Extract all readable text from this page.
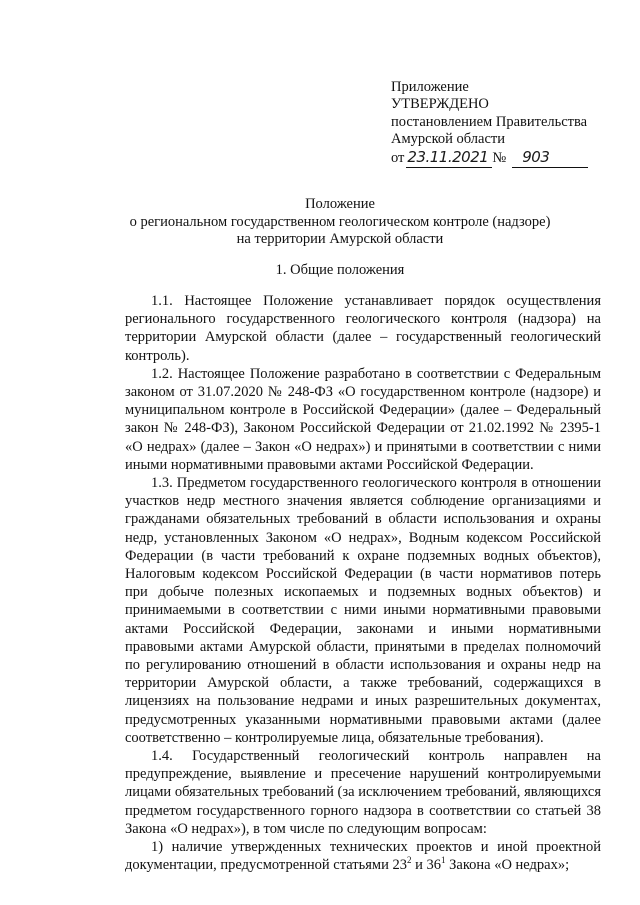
Приложение
УТВЕРЖДЕНО
постановлением Правительства
Амурской области
от 23.11.2021 №	903
Положение
о региональном государственном геологическом контроле (надзоре)
на территории Амурской области
1. Общие положения

1.1. Настоящее Положение устанавливает порядок осуществления регионального государственного геологического контроля (надзора) на территории Амурской области (далее – государственный геологический контроль).

1.2. Настоящее Положение разработано в соответствии с Федеральным законом от 31.07.2020 № 248-ФЗ «О государственном контроле (надзоре) и муниципальном контроле в Российской Федерации» (далее – Федеральный закон № 248-ФЗ), Законом Российской Федерации от 21.02.1992 № 2395-1 «О недрах» (далее – Закон «О недрах») и принятыми в соответствии с ними иными нормативными правовыми актами Российской Федерации.

1.3. Предметом государственного геологического контроля в отношении участков недр местного значения является соблюдение организациями и гражданами обязательных требований в области использования и охраны недр, установленных Законом «О недрах», Водным кодексом Российской Федерации (в части требований к охране подземных водных объектов), Налоговым кодексом Российской Федерации (в части нормативов потерь при добыче полезных ископаемых и подземных водных объектов) и принимаемыми в соответствии с ними иными нормативными правовыми актами Российской Федерации, законами и иными нормативными правовыми актами Амурской области, принятыми в пределах полномочий по регулированию отношений в области использования и охраны недр на территории Амурской области, а также требований, содержащихся в лицензиях на пользование недрами и иных разрешительных документах, предусмотренных указанными нормативными правовыми актами (далее соответственно – контролируемые лица, обязательные требования).

1.4. Государственный геологический контроль направлен на предупреждение, выявление и пресечение нарушений контролируемыми лицами обязательных требований (за исключением требований, являющихся предметом государственного горного надзора в соответствии со статьей 38 Закона «О недрах»), в том числе по следующим вопросам:

1) наличие утвержденных технических проектов и иной проектной документации, предусмотренной статьями $23^2$ и $36^1$ Закона «О недрах»;
